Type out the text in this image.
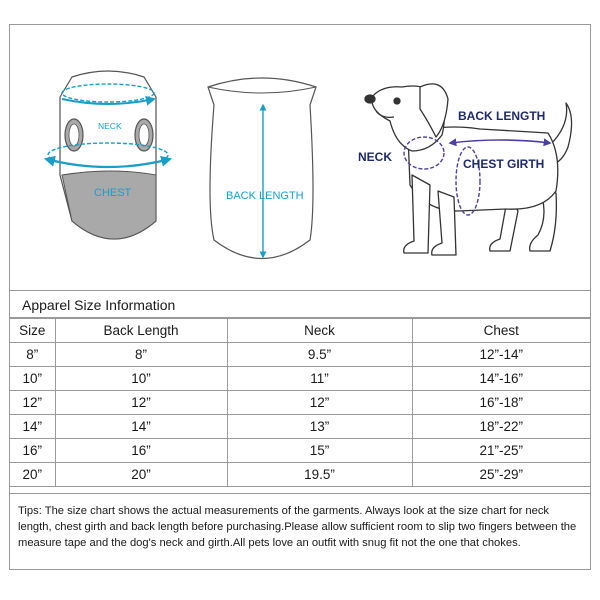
NECK
CHEST	BACK LENGTH
BACK LENGTH
NECK	CHEST GIRTH
Apparel Size Information
Size	Back Length	Neck	Chest
8”	8”	9.5”	12”-14”
10”	10”	11”	14”-16”
12”	12”	12”	16”-18”
14”	14”	13”	18”-22”
16”	16”	15”	21”-25”
20”	20”	19.5”	25”-29”
Tips: The size chart shows the actual measurements of the garments. Always look at the size chart for neck length, chest girth and back length before purchasing.Please allow sufficient room to slip two fingers between the measure tape and the dog's neck and girth.All pets love an outfit with snug fit not the one that chokes.
